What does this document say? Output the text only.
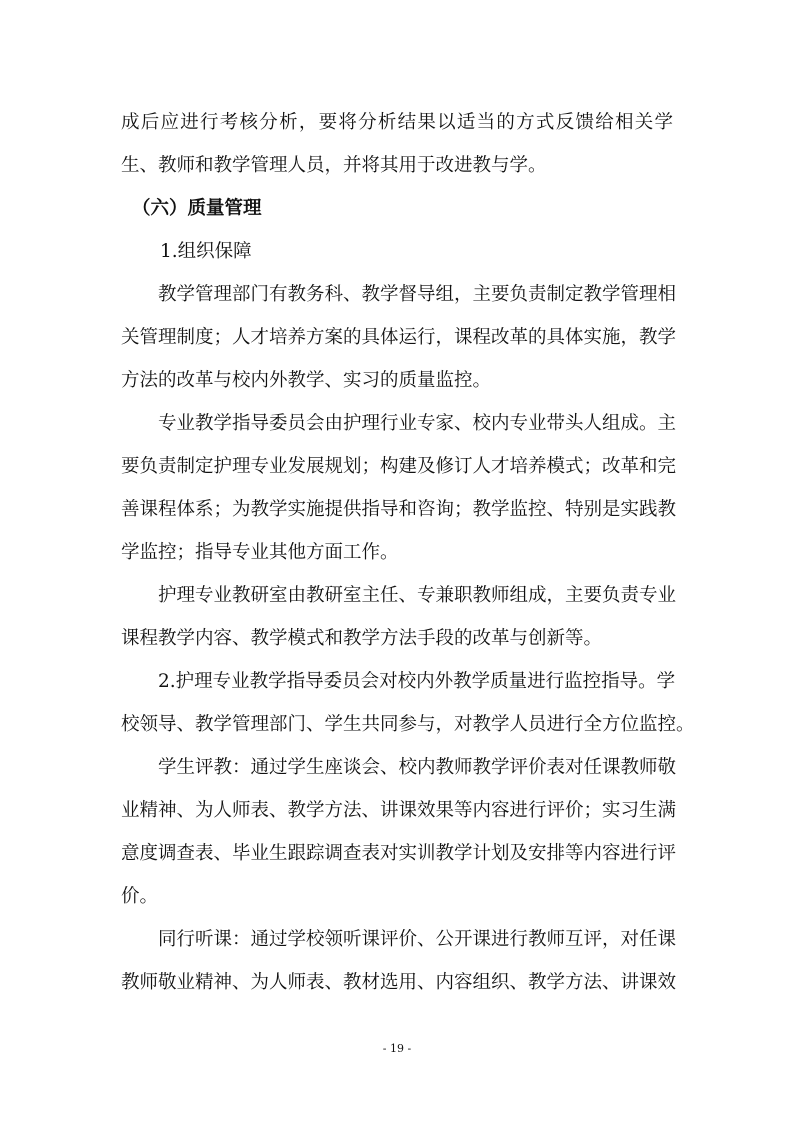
成后应进行考核分析，要将分析结果以适当的方式反馈给相关学
生、教师和教学管理人员，并将其用于改进教与学。
（六）质量管理
1.组织保障
教学管理部门有教务科、教学督导组，主要负责制定教学管理相
关管理制度；人才培养方案的具体运行，课程改革的具体实施，教学
方法的改革与校内外教学、实习的质量监控。
专业教学指导委员会由护理行业专家、校内专业带头人组成。主
要负责制定护理专业发展规划；构建及修订人才培养模式；改革和完
善课程体系；为教学实施提供指导和咨询；教学监控、特别是实践教
学监控；指导专业其他方面工作。
护理专业教研室由教研室主任、专兼职教师组成，主要负责专业
课程教学内容、教学模式和教学方法手段的改革与创新等。
2.护理专业教学指导委员会对校内外教学质量进行监控指导。学
校领导、教学管理部门、学生共同参与，对教学人员进行全方位监控。
学生评教：通过学生座谈会、校内教师教学评价表对任课教师敬
业精神、为人师表、教学方法、讲课效果等内容进行评价；实习生满
意度调查表、毕业生跟踪调查表对实训教学计划及安排等内容进行评
价。
同行听课：通过学校领听课评价、公开课进行教师互评，对任课
教师敬业精神、为人师表、教材选用、内容组织、教学方法、讲课效
- 19 -
